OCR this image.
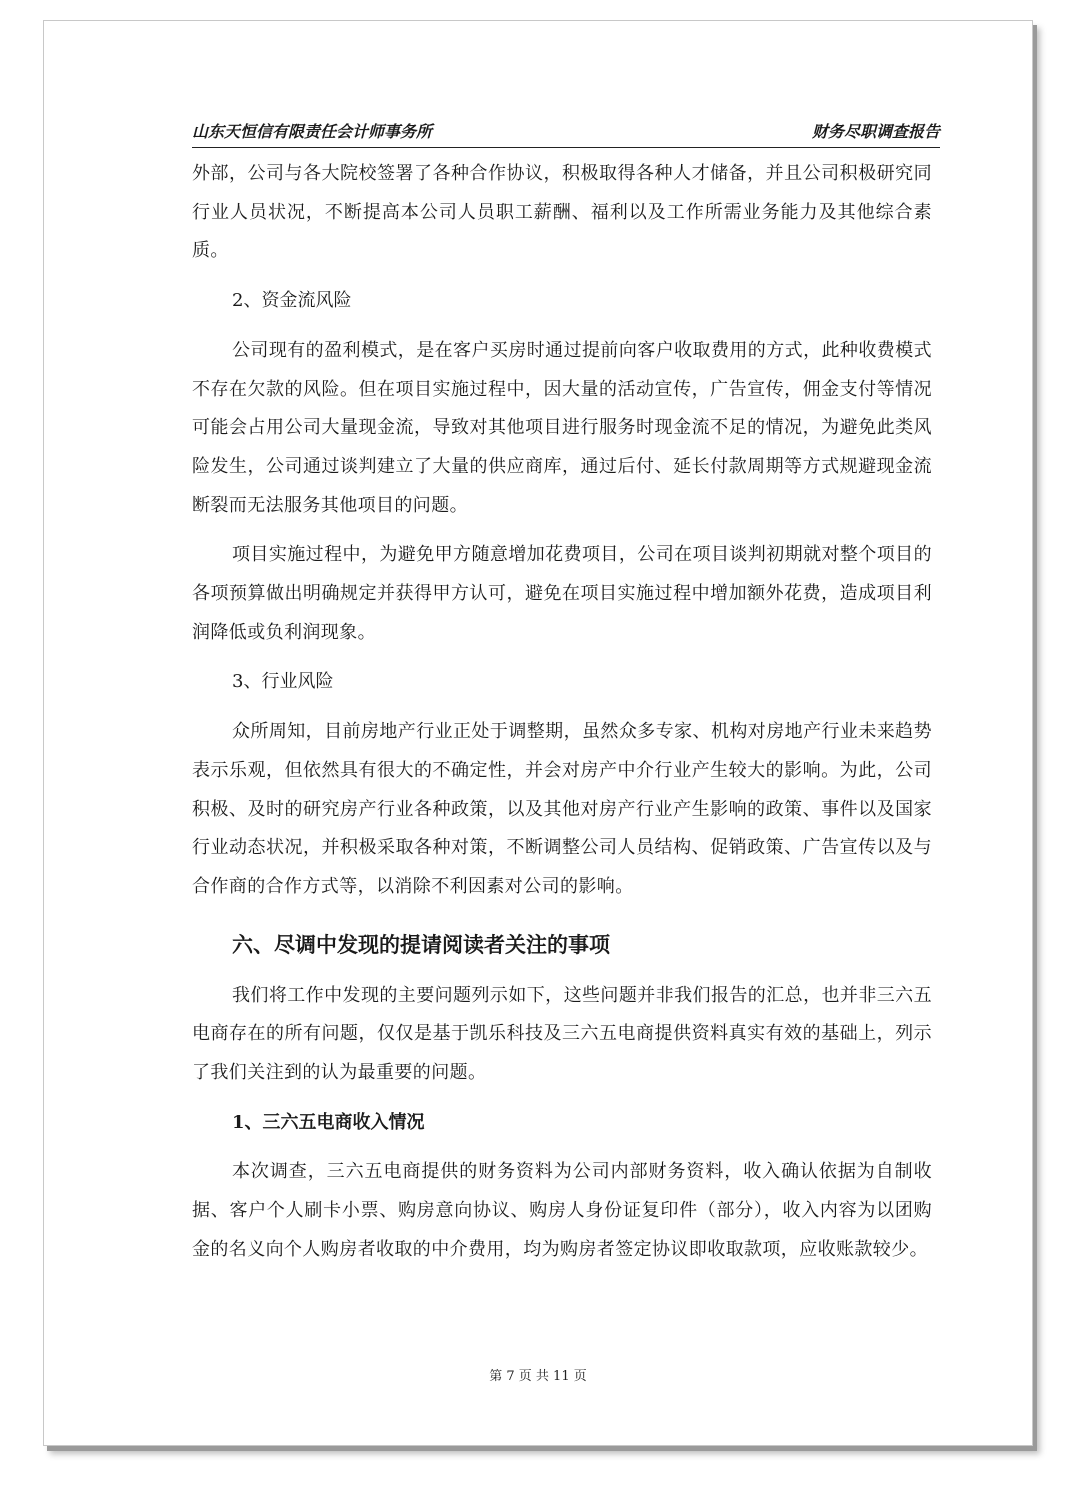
山东天恒信有限责任会计师事务所	财务尽职调查报告

外部，公司与各大院校签署了各种合作协议，积极取得各种人才储备，并且公司积极研究同行业人员状况，不断提高本公司人员职工薪酬、福利以及工作所需业务能力及其他综合素质。

2、资金流风险

公司现有的盈利模式，是在客户买房时通过提前向客户收取费用的方式，此种收费模式不存在欠款的风险。但在项目实施过程中，因大量的活动宣传，广告宣传，佣金支付等情况可能会占用公司大量现金流，导致对其他项目进行服务时现金流不足的情况，为避免此类风险发生，公司通过谈判建立了大量的供应商库，通过后付、延长付款周期等方式规避现金流断裂而无法服务其他项目的问题。

项目实施过程中，为避免甲方随意增加花费项目，公司在项目谈判初期就对整个项目的各项预算做出明确规定并获得甲方认可，避免在项目实施过程中增加额外花费，造成项目利润降低或负利润现象。

3、行业风险

众所周知，目前房地产行业正处于调整期，虽然众多专家、机构对房地产行业未来趋势表示乐观，但依然具有很大的不确定性，并会对房产中介行业产生较大的影响。为此，公司积极、及时的研究房产行业各种政策，以及其他对房产行业产生影响的政策、事件以及国家行业动态状况，并积极采取各种对策，不断调整公司人员结构、促销政策、广告宣传以及与合作商的合作方式等，以消除不利因素对公司的影响。

六、尽调中发现的提请阅读者关注的事项

我们将工作中发现的主要问题列示如下，这些问题并非我们报告的汇总，也并非三六五电商存在的所有问题，仅仅是基于凯乐科技及三六五电商提供资料真实有效的基础上，列示了我们关注到的认为最重要的问题。

1、三六五电商收入情况

本次调查，三六五电商提供的财务资料为公司内部财务资料，收入确认依据为自制收据、客户个人刷卡小票、购房意向协议、购房人身份证复印件（部分），收入内容为以团购金的名义向个人购房者收取的中介费用，均为购房者签定协议即收取款项，应收账款较少。

第 7 页 共 11 页
